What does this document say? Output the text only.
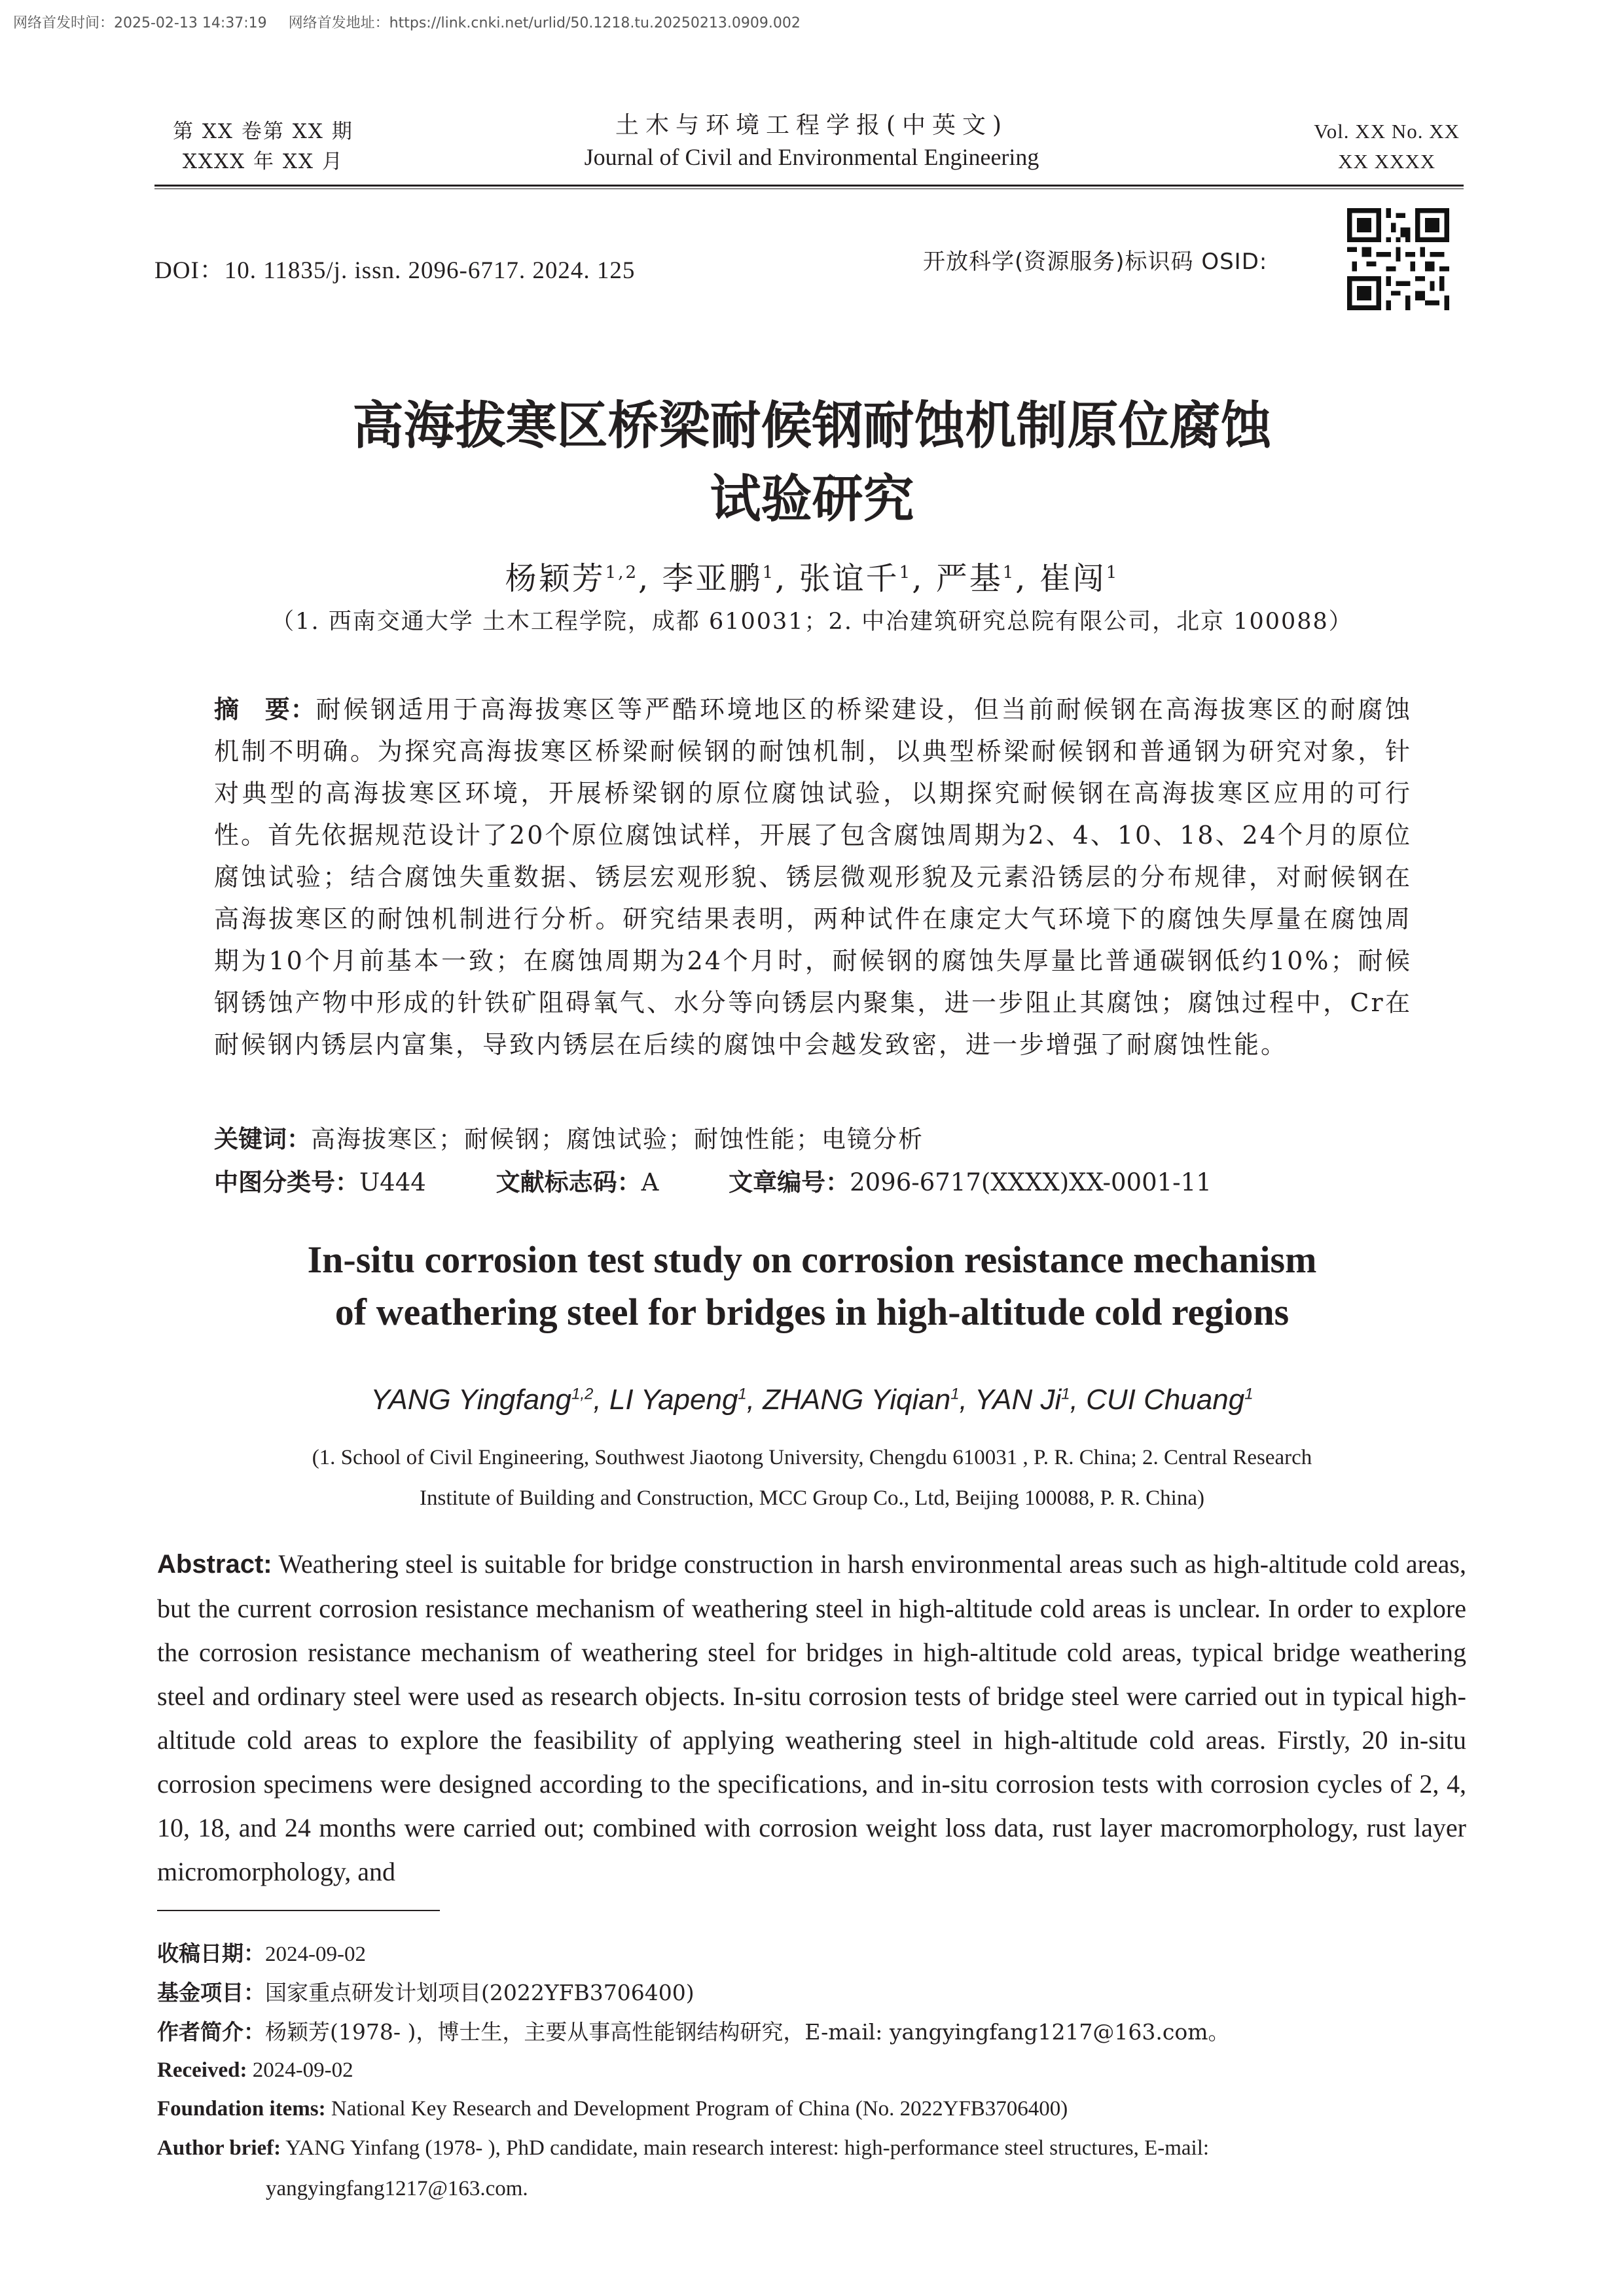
网络首发时间：2025-02-13 14:37:19 网络首发地址：https://link.cnki.net/urlid/50.1218.tu.20250213.0909.002
第 XX 卷第 XX 期
XXXX 年 XX 月
土木与环境工程学报(中英文)
Journal of Civil and Environmental Engineering
Vol. XX No. XX
XX XXXX
DOI：10. 11835/j. issn. 2096-6717. 2024. 125	开放科学(资源服务)标识码 OSID:
高海拔寒区桥梁耐候钢耐蚀机制原位腐蚀
试验研究
杨颖芳$^{1,2}$, 李亚鹏$^1$, 张谊千$^1$, 严基$^1$, 崔闯$^1$
（1. 西南交通大学 土木工程学院，成都 610031；2. 中冶建筑研究总院有限公司，北京 100088）
摘　要：耐候钢适用于高海拔寒区等严酷环境地区的桥梁建设，但当前耐候钢在高海拔寒区的耐腐蚀机制不明确。为探究高海拔寒区桥梁耐候钢的耐蚀机制，以典型桥梁耐候钢和普通钢为研究对象，针对典型的高海拔寒区环境，开展桥梁钢的原位腐蚀试验，以期探究耐候钢在高海拔寒区应用的可行性。首先依据规范设计了20个原位腐蚀试样，开展了包含腐蚀周期为2、4、10、18、24个月的原位腐蚀试验；结合腐蚀失重数据、锈层宏观形貌、锈层微观形貌及元素沿锈层的分布规律，对耐候钢在高海拔寒区的耐蚀机制进行分析。研究结果表明，两种试件在康定大气环境下的腐蚀失厚量在腐蚀周期为10个月前基本一致；在腐蚀周期为24个月时，耐候钢的腐蚀失厚量比普通碳钢低约10%；耐候钢锈蚀产物中形成的针铁矿阻碍氧气、水分等向锈层内聚集，进一步阻止其腐蚀；腐蚀过程中，Cr在耐候钢内锈层内富集，导致内锈层在后续的腐蚀中会越发致密，进一步增强了耐腐蚀性能。
关键词：高海拔寒区；耐候钢；腐蚀试验；耐蚀性能；电镜分析
中图分类号：U444	文献标志码：A	文章编号：2096-6717(XXXX)XX-0001-11
In-situ corrosion test study on corrosion resistance mechanism
of weathering steel for bridges in high-altitude cold regions
YANG Yingfang$^{1,2}$, LI Yapeng$^1$, ZHANG Yiqian$^1$, YAN Ji$^1$, CUI Chuang$^1$
(1. School of Civil Engineering, Southwest Jiaotong University, Chengdu 610031 , P. R. China; 2. Central Research
Institute of Building and Construction, MCC Group Co., Ltd, Beijing 100088, P. R. China)
Abstract: Weathering steel is suitable for bridge construction in harsh environmental areas such as high-altitude cold areas, but the current corrosion resistance mechanism of weathering steel in high-altitude cold areas is unclear. In order to explore the corrosion resistance mechanism of weathering steel for bridges in high-altitude cold areas, typical bridge weathering steel and ordinary steel were used as research objects. In-situ corrosion tests of bridge steel were carried out in typical high-altitude cold areas to explore the feasibility of applying weathering steel in high-altitude cold areas. Firstly, 20 in-situ corrosion specimens were designed according to the specifications, and in-situ corrosion tests with corrosion cycles of 2, 4, 10, 18, and 24 months were carried out; combined with corrosion weight loss data, rust layer macromorphology, rust layer micromorphology, and
收稿日期：2024-09-02
基金项目：国家重点研发计划项目(2022YFB3706400)
作者简介：杨颖芳(1978- )，博士生，主要从事高性能钢结构研究，E-mail: yangyingfang1217@163.com。
Received: 2024-09-02
Foundation items: National Key Research and Development Program of China (No. 2022YFB3706400)
Author brief: YANG Yinfang (1978- ), PhD candidate, main research interest: high-performance steel structures, E-mail:
yangyingfang1217@163.com.
